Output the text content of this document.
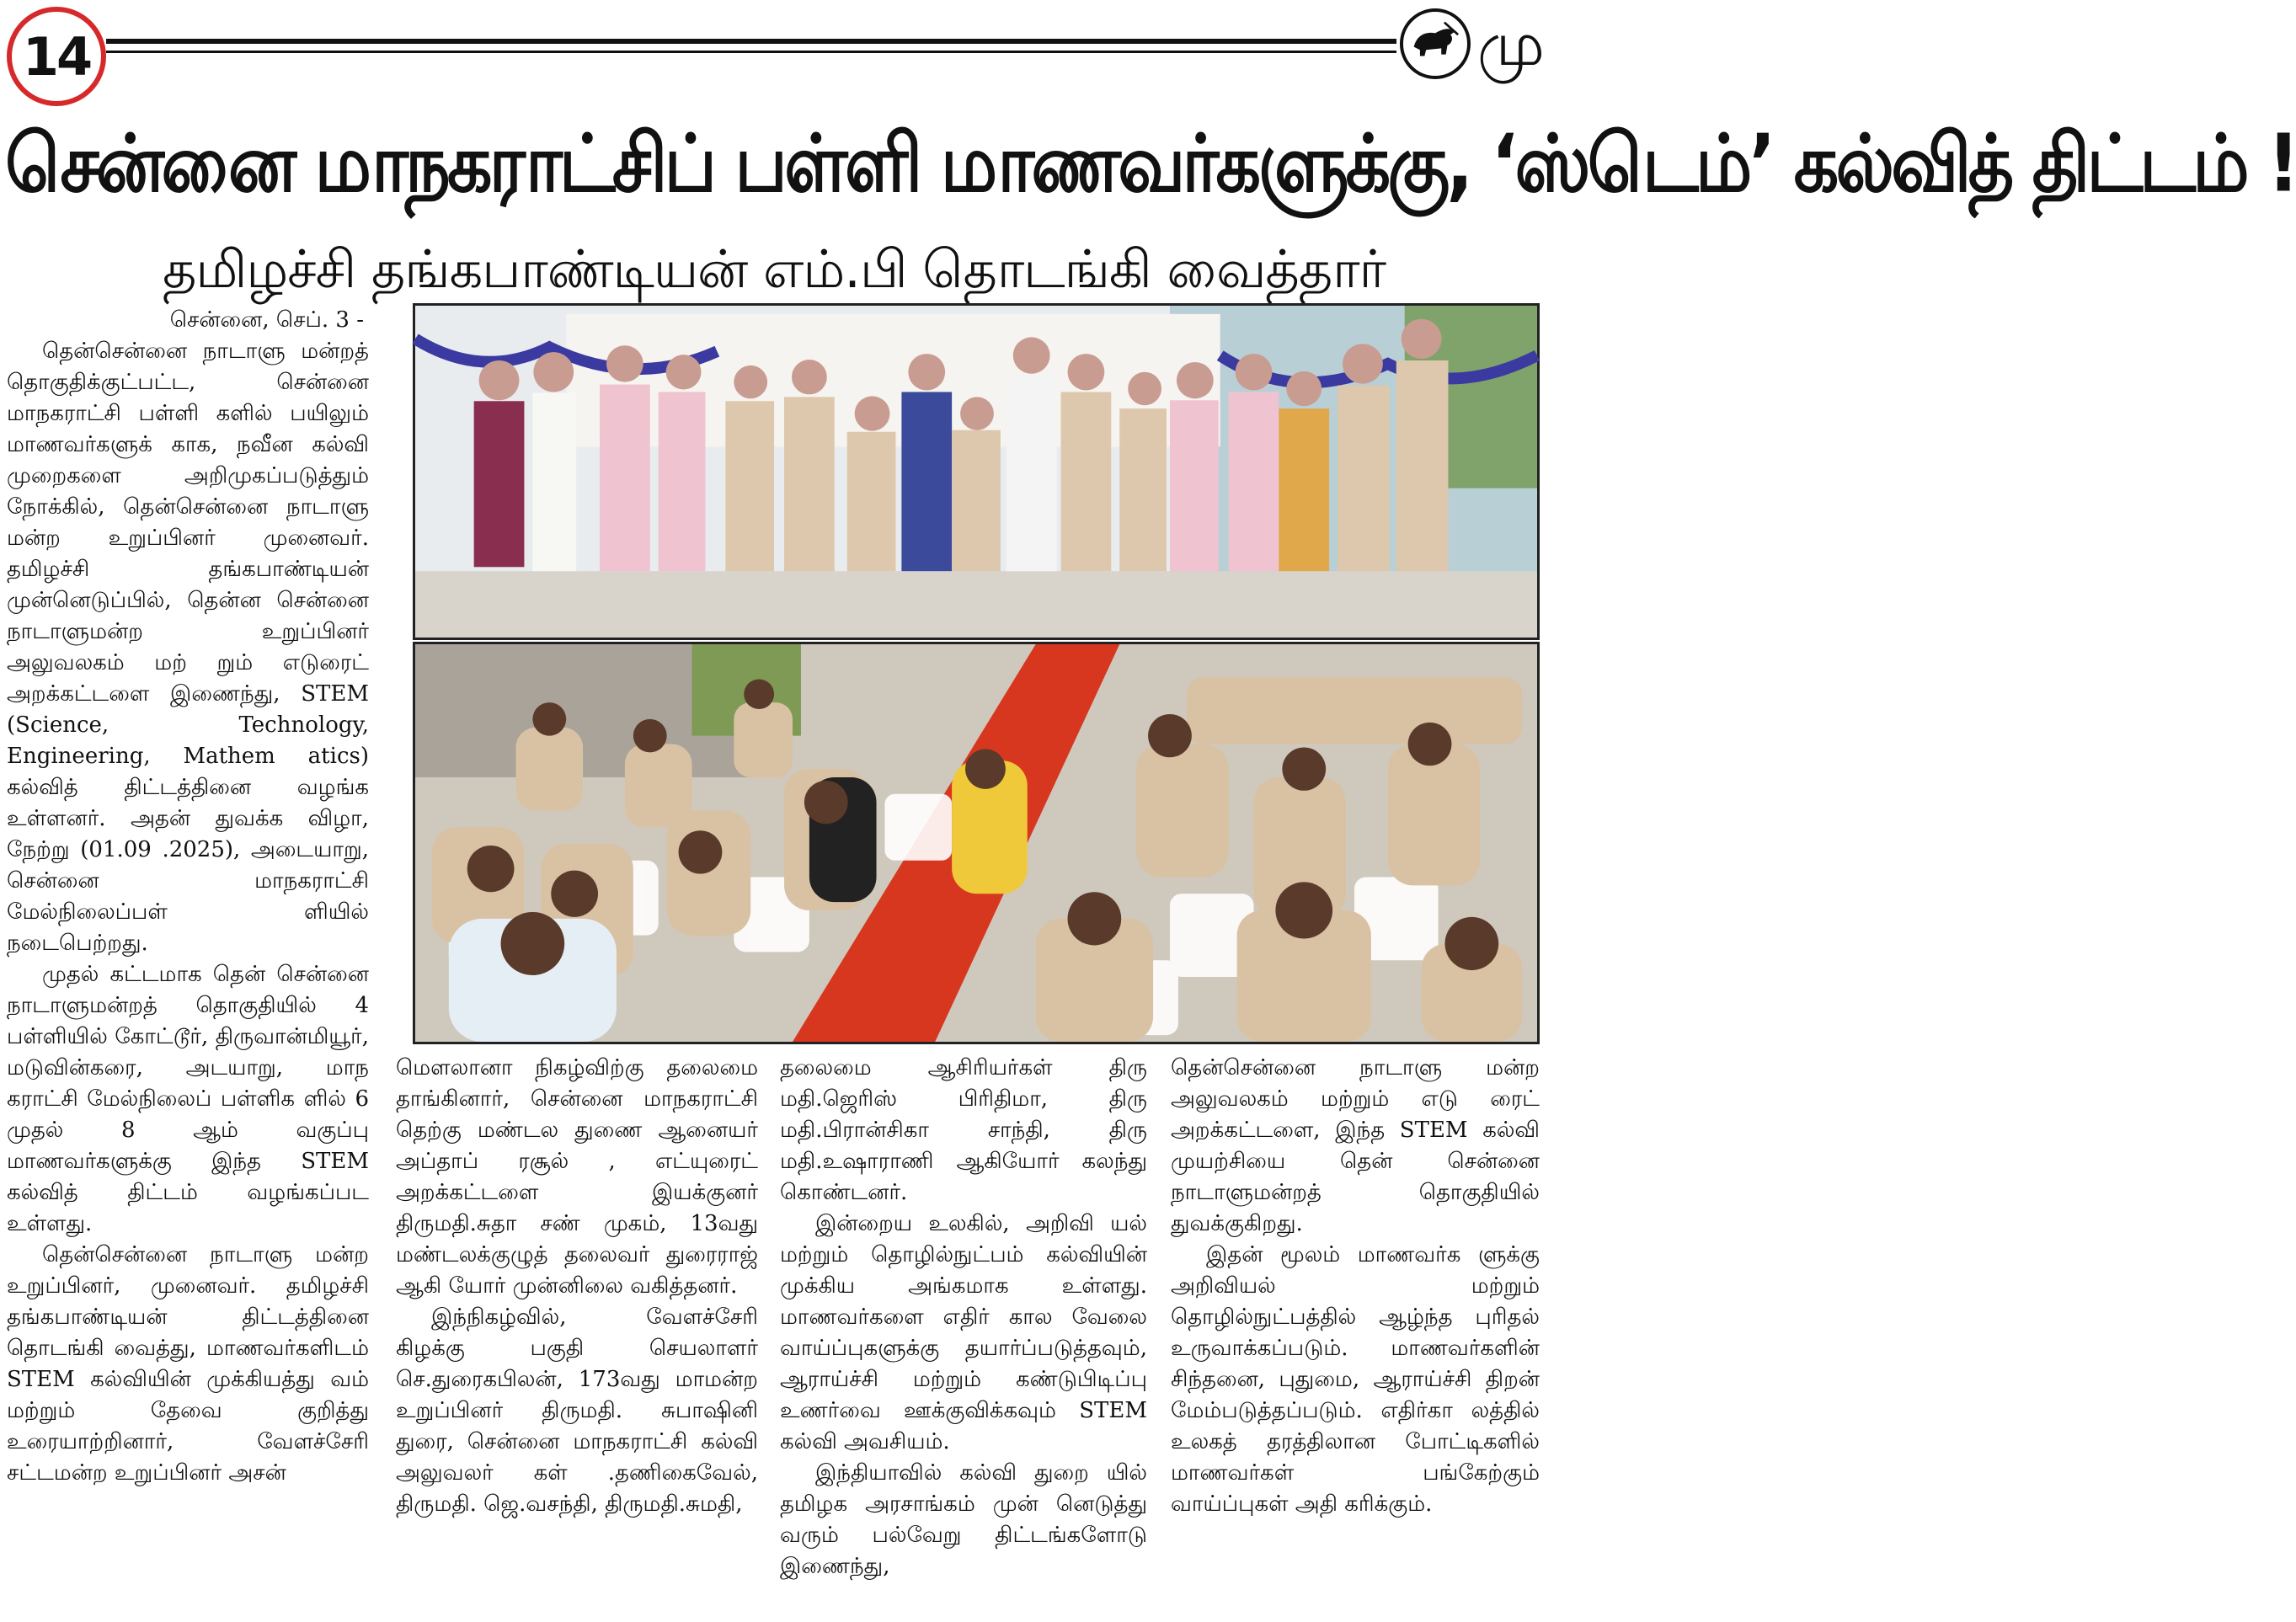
14	மு
சென்னை மாநகராட்சிப் பள்ளி மாணவர்களுக்கு, ‘ஸ்டெம்’ கல்வித் திட்டம் !
தமிழச்சி தங்கபாண்டியன் எம்.பி தொடங்கி வைத்தார்

சென்னை, செப். 3 -

தென்சென்னை நாடாளு மன்றத் தொகுதிக்குட்பட்ட, சென்னை மாநகராட்சி பள்ளி களில் பயிலும் மாணவர்களுக் காக, நவீன கல்வி முறைகளை அறிமுகப்படுத்தும் நோக்கில், தென்சென்னை நாடாளு மன்ற உறுப்பினர் முனைவர். தமிழச்சி தங்கபாண்டியன் முன்னெடுப்பில், தென்ன சென்னை நாடாளுமன்ற உறுப்பினர் அலுவலகம் மற் றும் எடுரைட் அறக்கட்டளை இணைந்து, STEM (Science, Technology, Engineering, Mathem atics) கல்வித் திட்டத்தினை வழங்க உள்ளனர். அதன் துவக்க விழா, நேற்று (01.09 .2025), அடையாறு, சென்னை மாநகராட்சி மேல்நிலைப்பள் ளியில் நடைபெற்றது.

முதல் கட்டமாக தென் சென்னை நாடாளுமன்றத் தொகுதியில் 4 பள்ளியில் கோட்டூர், திருவான்மியூர், மடுவின்கரை, அடயாறு, மாந கராட்சி மேல்நிலைப் பள்ளிக ளில் 6 முதல் 8 ஆம் வகுப்பு மாணவர்களுக்கு இந்த STEM கல்வித் திட்டம் வழங்கப்பட உள்ளது.

தென்சென்னை நாடாளு மன்ற உறுப்பினர், முனைவர். தமிழச்சி தங்கபாண்டியன் திட்டத்தினை தொடங்கி வைத்து, மாணவர்களிடம் STEM கல்வியின் முக்கியத்து வம் மற்றும் தேவை குறித்து உரையாற்றினார், வேளச்சேரி சட்டமன்ற உறுப்பினர் அசன்

மௌலானா நிகழ்விற்கு தலைமை தாங்கினார், சென்னை மாநகராட்சி தெற்கு மண்டல துணை ஆனையர் அப்தாப் ரசூல் , எட்யுரைட் அறக்கட்டளை இயக்குனர் திருமதி.சுதா சண் முகம், 13வது மண்டலக்குழுத் தலைவர் துரைராஜ் ஆகி யோர் முன்னிலை வகித்தனர்.

இந்நிகழ்வில், வேளச்சேரி கிழக்கு பகுதி செயலாளர் செ.துரைகபிலன், 173வது மாமன்ற உறுப்பினர் திருமதி. சுபாஷினி துரை, சென்னை மாநகராட்சி கல்வி அலுவலர் கள் .தணிகைவேல், திருமதி. ஜெ.வசந்தி, திருமதி.சுமதி,

தலைமை ஆசிரியர்கள் திரு மதி.ஜெரிஸ் பிரிதிமா, திரு மதி.பிரான்சிகா சாந்தி, திரு மதி.உஷாராணி ஆகியோர் கலந்து கொண்டனர்.

இன்றைய உலகில், அறிவி யல் மற்றும் தொழில்நுட்பம் கல்வியின் முக்கிய அங்கமாக உள்ளது. மாணவர்களை எதிர் கால வேலை வாய்ப்புகளுக்கு தயார்ப்படுத்தவும், ஆராய்ச்சி மற்றும் கண்டுபிடிப்பு உணர்வை ஊக்குவிக்கவும் STEM கல்வி அவசியம்.

இந்தியாவில் கல்வி துறை யில் தமிழக அரசாங்கம் முன் னெடுத்து வரும் பல்வேறு திட்டங்களோடு இணைந்து,

தென்சென்னை நாடாளு மன்ற அலுவலகம் மற்றும் எடு ரைட் அறக்கட்டளை, இந்த STEM கல்வி முயற்சியை தென் சென்னை நாடாளுமன்றத் தொகுதியில் துவக்குகிறது.

இதன் மூலம் மாணவர்க ளுக்கு அறிவியல் மற்றும் தொழில்நுட்பத்தில் ஆழ்ந்த புரிதல் உருவாக்கப்படும். மாணவர்களின் சிந்தனை, புதுமை, ஆராய்ச்சி திறன் மேம்படுத்தப்படும். எதிர்கா லத்தில் உலகத் தரத்திலான போட்டிகளில் மாணவர்கள் பங்கேற்கும் வாய்ப்புகள் அதி கரிக்கும்.
